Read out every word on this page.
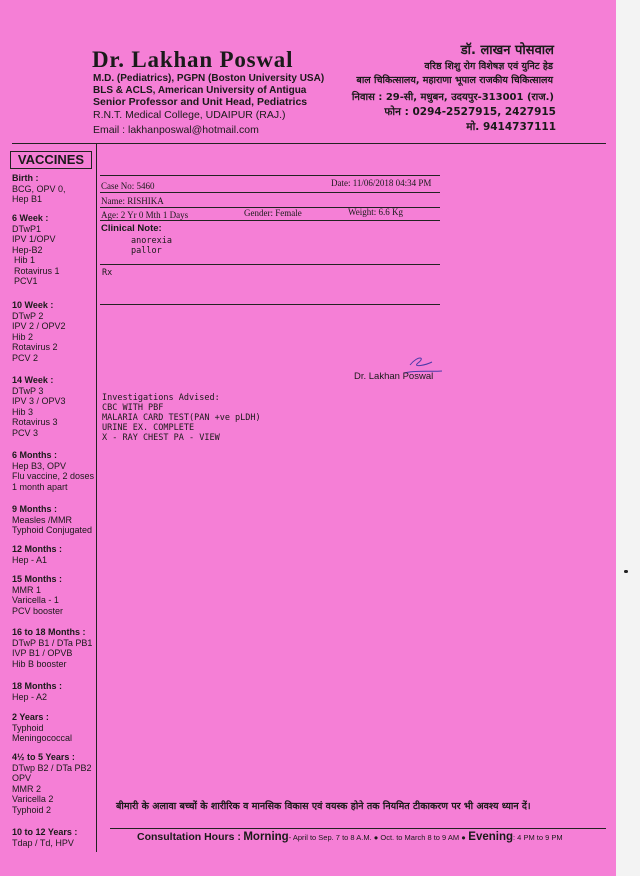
Dr. Lakhan Poswal
M.D. (Pediatrics), PGPN (Boston University USA)
BLS & ACLS, American University of Antigua
Senior Professor and Unit Head, Pediatrics
R.N.T. Medical College, UDAIPUR (RAJ.)
Email : lakhanposwal@hotmail.com
डॉ. लाखन पोसवाल
वरिष्ठ शिशु रोग विशेषज्ञ एवं युनिट हेड
बाल चिकित्सालय, महाराणा भूपाल राजकीय चिकित्सालय
निवास : 29-सी, मधुबन, उदयपुर-313001 (राज.)
फोन : 0294-2527915, 2427915
मो. 9414737111
VACCINES
Birth :
BCG, OPV 0,
Hep B1
6 Week :
DTwP1
IPV 1/OPV
Hep-B2
Hib 1
Rotavirus 1
PCV1
10 Week :
DTwP 2
IPV 2 / OPV2
Hib 2
Rotavirus 2
PCV 2
14 Week :
DTwP 3
IPV 3 / OPV3
Hib 3
Rotavirus 3
PCV 3
6 Months :
Hep B3, OPV
Flu vaccine, 2 doses
1 month apart
9 Months :
Measles /MMR
Typhoid Conjugated
12 Months :
Hep - A1
15 Months :
MMR 1
Varicella - 1
PCV booster
16 to 18 Months :
DTwP B1 / DTa PB1
IVP B1 / OPVB
Hib B booster
18 Months :
Hep - A2
2 Years :
Typhoid
Meningococcal
4½ to 5 Years :
DTwp B2 / DTa PB2
OPV
MMR 2
Varicella 2
Typhoid 2
10 to 12 Years :
Tdap / Td, HPV
Case No: 5460	Date: 11/06/2018 04:34 PM
Name: RISHIKA
Age: 2 Yr 0 Mth 1 Days	Gender: Female	Weight: 6.6 Kg
Clinical Note:
anorexia
pallor
Rx
Dr. Lakhan Poswal
Investigations Advised:
CBC WITH PBF
MALARIA CARD TEST(PAN +ve pLDH)
URINE EX. COMPLETE
X - RAY CHEST PA - VIEW
बीमारी के अलावा बच्चों के शारीरिक व मानसिक विकास एवं वयस्क होने तक नियमित टीकाकरण पर भी अवश्य ध्यान दें।
Consultation Hours : Morning- April to Sep. 7 to 8 A.M. ● Oct. to March 8 to 9 AM ● Evening: 4 PM to 9 PM
